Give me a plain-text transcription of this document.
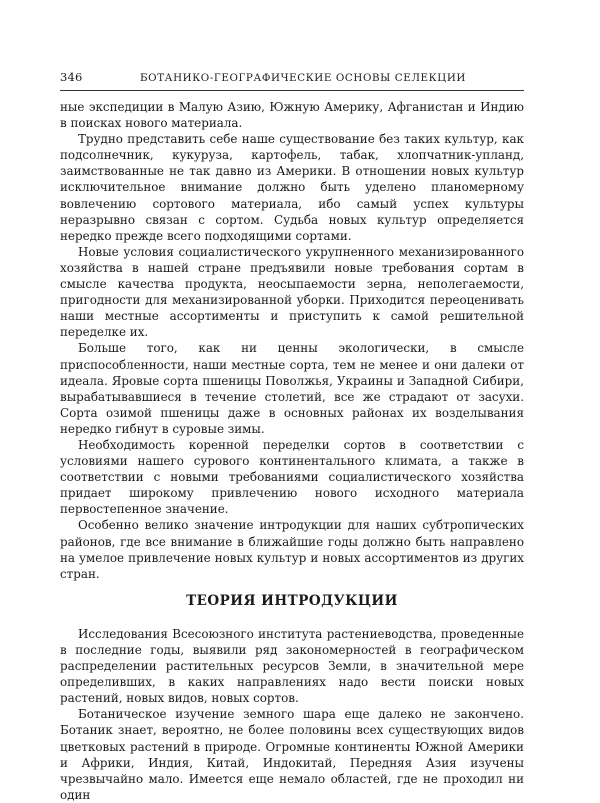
346	БОТАНИКО-ГЕОГРАФИЧЕСКИЕ ОСНОВЫ СЕЛЕКЦИИ

ные экспедиции в Малую Азию, Южную Америку, Афганистан и Индию в поисках нового материала.

Трудно представить себе наше существование без таких культур, как подсолнечник, кукуруза, картофель, табак, хлопчатник-упланд, заимствованные не так давно из Америки. В отношении новых культур исключительное внимание должно быть уделено планомерному вовлечению сортового материала, ибо самый успех культуры неразрывно связан с сортом. Судьба новых культур определяется нередко прежде всего подходящими сортами.

Новые условия социалистического укрупненного механизированного хозяйства в нашей стране предъявили новые требования сортам в смысле качества продукта, неосыпаемости зерна, неполегаемости, пригодности для механизированной уборки. Приходится переоценивать наши местные ассортименты и приступить к самой решительной переделке их.

Больше того, как ни ценны экологически, в смысле приспособленности, наши местные сорта, тем не менее и они далеки от идеала. Яровые сорта пшеницы Поволжья, Украины и Западной Сибири, вырабатывавшиеся в течение столетий, все же страдают от засухи. Сорта озимой пшеницы даже в основных районах их возделывания нередко гибнут в суровые зимы.

Необходимость коренной переделки сортов в соответствии с условиями нашего сурового континентального климата, а также в соответствии с новыми требованиями социалистического хозяйства придает широкому привлечению нового исходного материала первостепенное значение.

Особенно велико значение интродукции для наших субтропических районов, где все внимание в ближайшие годы должно быть направлено на умелое привлечение новых культур и новых ассортиментов из других стран.

ТЕОРИЯ ИНТРОДУКЦИИ

Исследования Всесоюзного института растениеводства, проведенные в последние годы, выявили ряд закономерностей в географическом распределении растительных ресурсов Земли, в значительной мере определивших, в каких направлениях надо вести поиски новых растений, новых видов, новых сортов.

Ботаническое изучение земного шара еще далеко не закончено. Ботаник знает, вероятно, не более половины всех существующих видов цветковых растений в природе. Огромные континенты Южной Америки и Африки, Индия, Китай, Индокитай, Передняя Азия изучены чрезвычайно мало. Имеется еще немало областей, где не проходил ни один
